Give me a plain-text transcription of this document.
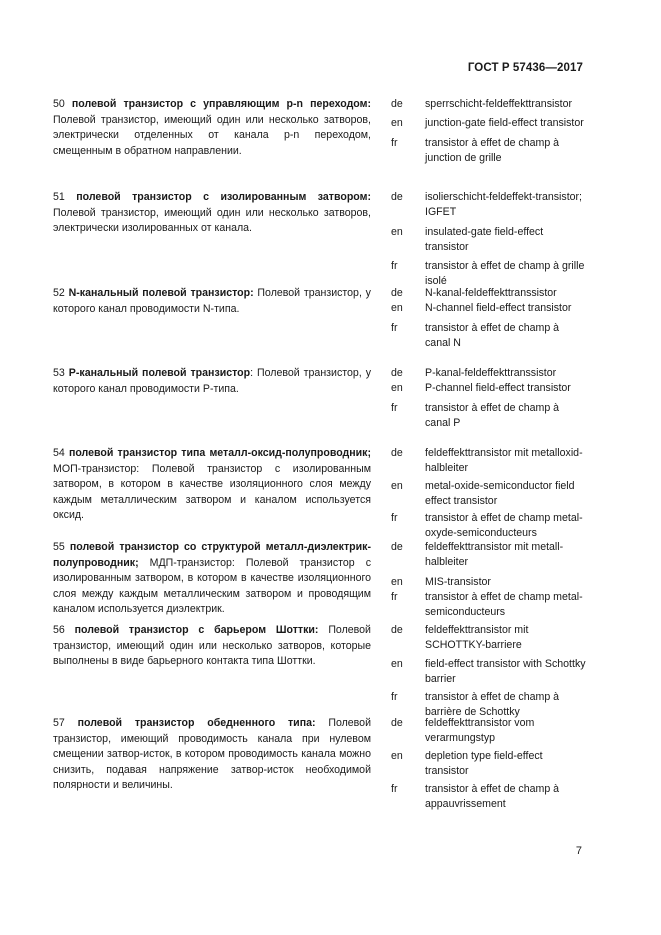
ГОСТ Р 57436—2017
50 полевой транзистор с управляющим p-n переходом: Полевой транзистор, имеющий один или несколько затворов, электрически отделенных от канала p-n переходом, смещенным в обратном направлении.
de	sperrschicht-feldeffekttransistor
en	junction-gate field-effect transistor
fr	transistor à effet de champ à junction de grille
51 полевой транзистор с изолированным затвором: Полевой транзистор, имеющий один или несколько затворов, электрически изолированных от канала.
de	isolierschicht-feldeffekt-transistor; IGFET
en	insulated-gate field-effect transistor
fr	transistor à effet de champ à grille isolé
52 N-канальный полевой транзистор: Полевой транзистор, у которого канал проводимости N-типа.
de	N-kanal-feldeffekttranssistor
en	N-channel field-effect transistor
fr	transistor à effet de champ à canal N
53 P-канальный полевой транзистор: Полевой транзистор, у которого канал проводимости P-типа.
de	P-kanal-feldeffekttranssistor
en	P-channel field-effect transistor
fr	transistor à effet de champ à canal P
54 полевой транзистор типа металл-оксид-полупроводник; МОП-транзистор: Полевой транзистор с изолированным затвором, в котором в качестве изоляционного слоя между каждым металлическим затвором и каналом используется оксид.
de	feldeffekttransistor mit metalloxid-halbleiter
en	metal-oxide-semiconductor field effect transistor
fr	transistor à effet de champ metal-oxyde-semiconducteurs
55 полевой транзистор со структурой металл-диэлектрик-полупроводник; МДП-транзистор: Полевой транзистор с изолированным затвором, в котором в качестве изоляционного слоя между каждым металлическим затвором и проводящим каналом используется диэлектрик.
de	feldeffekttransistor mit metall-halbleiter
en	MIS-transistor
fr	transistor à effet de champ metal-semiconducteurs
56 полевой транзистор с барьером Шоттки: Полевой транзистор, имеющий один или несколько затворов, которые выполнены в виде барьерного контакта типа Шоттки.
de	feldeffekttransistor mit SCHOTTKY-barriere
en	field-effect transistor with Schottky barrier
fr	transistor à effet de champ à barrière de Schottky
57 полевой транзистор обедненного типа: Полевой транзистор, имеющий проводимость канала при нулевом смещении затвор-исток, в котором проводимость канала можно снизить, подавая напряжение затвор-исток необходимой полярности и величины.
de	feldeffekttransistor vom verarmungstyp
en	depletion type field-effect transistor
fr	transistor à effet de champ à appauvrissement
7
